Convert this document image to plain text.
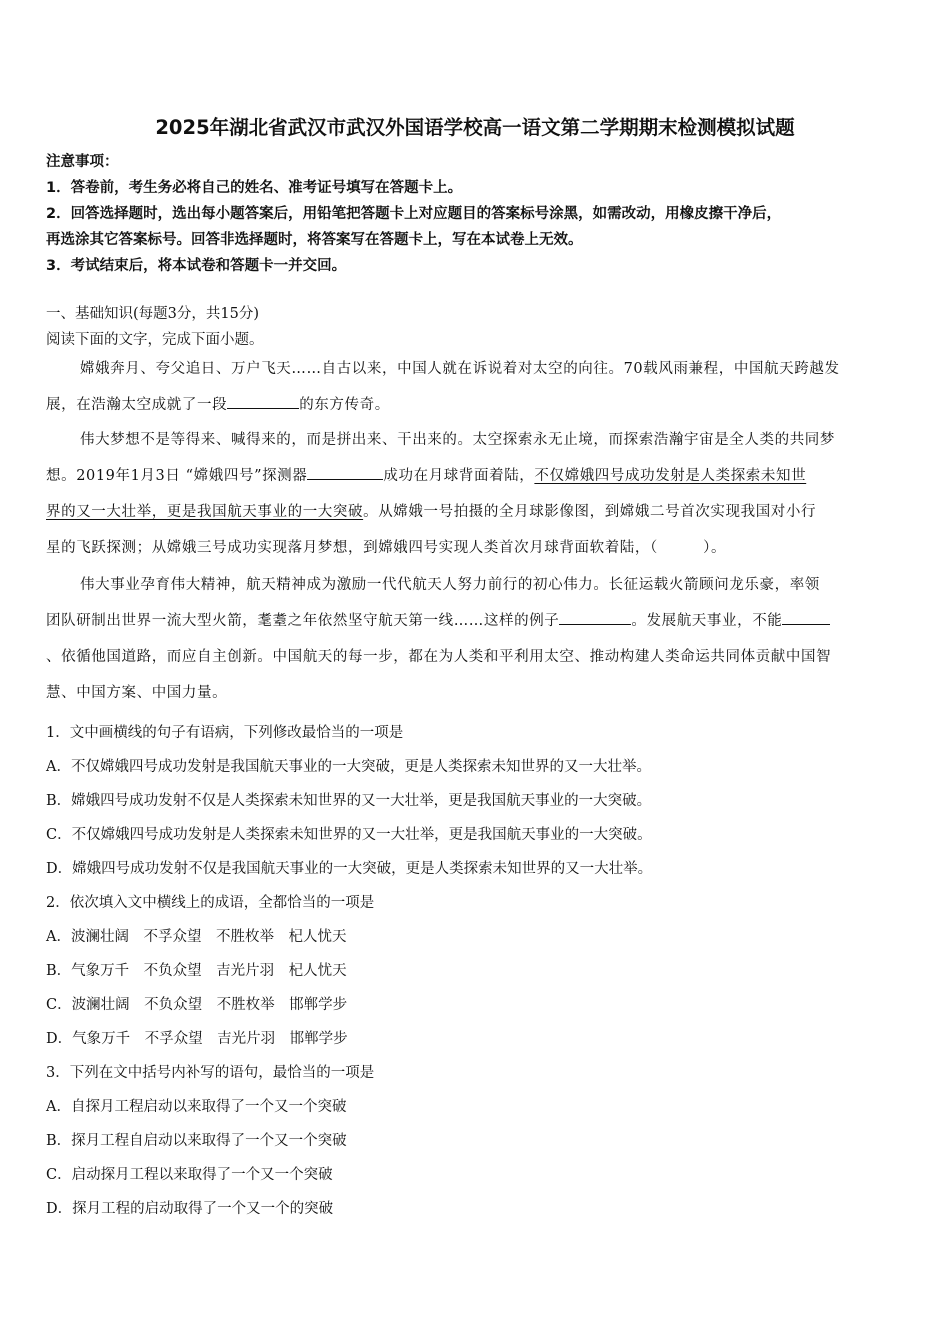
2025年湖北省武汉市武汉外国语学校高一语文第二学期期末检测模拟试题
注意事项：
1．答卷前，考生务必将自己的姓名、准考证号填写在答题卡上。
2．回答选择题时，选出每小题答案后，用铅笔把答题卡上对应题目的答案标号涂黑，如需改动，用橡皮擦干净后，
再选涂其它答案标号。回答非选择题时，将答案写在答题卡上，写在本试卷上无效。
3．考试结束后，将本试卷和答题卡一并交回。
一、基础知识(每题3分，共15分)
阅读下面的文字，完成下面小题。
嫦娥奔月、夸父追日、万户飞天……自古以来，中国人就在诉说着对太空的向往。70载风雨兼程，中国航天跨越发
展，在浩瀚太空成就了一段	的东方传奇。
伟大梦想不是等得来、喊得来的，而是拼出来、干出来的。太空探索永无止境，而探索浩瀚宇宙是全人类的共同梦
想。2019年1月3日 “嫦娥四号”探测器	成功在月球背面着陆，不仅嫦娥四号成功发射是人类探索未知世
界的又一大壮举，更是我国航天事业的一大突破。从嫦娥一号拍摄的全月球影像图，到嫦娥二号首次实现我国对小行
星的飞跃探测；从嫦娥三号成功实现落月梦想，到嫦娥四号实现人类首次月球背面软着陆，（　　　）。
伟大事业孕育伟大精神，航天精神成为激励一代代航天人努力前行的初心伟力。长征运载火箭顾问龙乐豪，率领
团队研制出世界一流大型火箭，耄耋之年依然坚守航天第一线……这样的例子	。发展航天事业，不能
、依循他国道路，而应自主创新。中国航天的每一步，都在为人类和平利用太空、推动构建人类命运共同体贡献中国智
慧、中国方案、中国力量。
1．文中画横线的句子有语病，下列修改最恰当的一项是
A．不仅嫦娥四号成功发射是我国航天事业的一大突破，更是人类探索未知世界的又一大壮举。
B．嫦娥四号成功发射不仅是人类探索未知世界的又一大壮举，更是我国航天事业的一大突破。
C．不仅嫦娥四号成功发射是人类探索未知世界的又一大壮举，更是我国航天事业的一大突破。
D．嫦娥四号成功发射不仅是我国航天事业的一大突破，更是人类探索未知世界的又一大壮举。
2．依次填入文中横线上的成语，全都恰当的一项是
A．波澜壮阔　不孚众望　不胜枚举　杞人忧天
B．气象万千　不负众望　吉光片羽　杞人忧天
C．波澜壮阔　不负众望　不胜枚举　邯郸学步
D．气象万千　不孚众望　吉光片羽　邯郸学步
3．下列在文中括号内补写的语句，最恰当的一项是
A．自探月工程启动以来取得了一个又一个突破
B．探月工程自启动以来取得了一个又一个突破
C．启动探月工程以来取得了一个又一个突破
D．探月工程的启动取得了一个又一个的突破
